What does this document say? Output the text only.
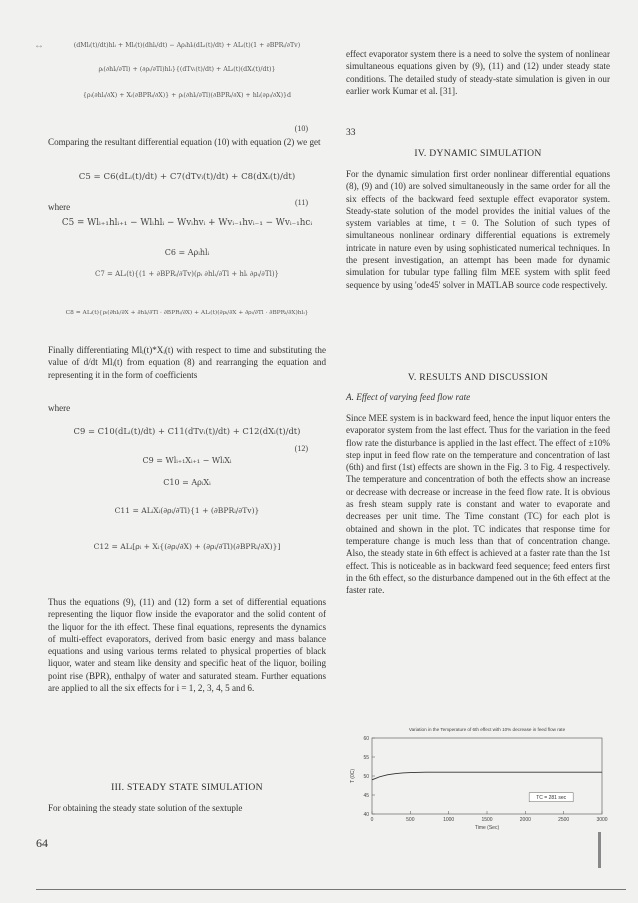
↔	(dMlᵢ(t)/dt)hlᵢ + Mlᵢ(t)(dhlᵢ/dt) − Aρᵢhlᵢ(dLᵢ(t)/dt) + ALᵢ(t)(1 + ∂BPRᵢ/∂Tv)
ρᵢ(∂hlᵢ/∂Tl) + (∂ρᵢ/∂Tl)hlᵢ}{(dTvᵢ(t)/dt) + ALᵢ(t)(dXᵢ(t)/dt)}
{ρᵢ(∂hlᵢ/∂X) + Xᵢ(∂BPRᵢ/∂X)} + ρᵢ(∂hlᵢ/∂Tl)(∂BPRᵢ/∂X) + hlᵢ(∂ρᵢ/∂X)}d
(10)

Comparing the resultant differential equation (10) with equation (2) we get

C5 = C6(dLᵢ(t)/dt) + C7(dTvᵢ(t)/dt) + C8(dXᵢ(t)/dt)
where	(11)
C5 = Wlᵢ₊₁hlᵢ₊₁ − Wlᵢhlᵢ − Wvᵢhvᵢ + Wvᵢ₋₁hvᵢ₋₁ − Wvᵢ₋₁hcᵢ
C6 = Aρᵢhlᵢ
C7 = ALᵢ(t){(1 + ∂BPRᵢ/∂Tv)(ρᵢ ∂hlᵢ/∂Tl + hlᵢ ∂ρᵢ/∂Tl)}
C8 = ALᵢ(t){ρᵢ(∂hlᵢ/∂X + ∂hlᵢ/∂Tl · ∂BPRᵢ/∂X) + ALᵢ(t)(∂ρᵢ/∂X + ∂ρᵢ/∂Tl · ∂BPRᵢ/∂X)hlᵢ}

Finally differentiating Mlᵢ(t)*Xᵢ(t) with respect to time and substituting the value of d/dt Mlᵢ(t) from equation (8) and rearranging the equation and representing it in the form of coefficients

where
C9 = C10(dLᵢ(t)/dt) + C11(dTvᵢ(t)/dt) + C12(dXᵢ(t)/dt)
(12)
C9 = Wlᵢ₊₁Xᵢ₊₁ − WlᵢXᵢ
C10 = AρᵢXᵢ
C11 = ALᵢXᵢ(∂ρᵢ/∂Tl){1 + (∂BPRᵢ/∂Tv)}
C12 = ALᵢ[ρᵢ + Xᵢ{(∂ρᵢ/∂X) + (∂ρᵢ/∂Tl)(∂BPRᵢ/∂X)}]

Thus the equations (9), (11) and (12) form a set of differential equations representing the liquor flow inside the evaporator and the solid content of the liquor for the ith effect. These final equations, represents the dynamics of multi-effect evaporators, derived from basic energy and mass balance equations and using various terms related to physical properties of black liquor, water and steam like density and specific heat of the liquor, boiling point rise (BPR), enthalpy of water and saturated steam. Further equations are applied to all the six effects for i = 1, 2, 3, 4, 5 and 6.

III. STEADY STATE SIMULATION

For obtaining the steady state solution of the sextuple

effect evaporator system there is a need to solve the system of nonlinear simultaneous equations given by (9), (11) and (12) under steady state conditions. The detailed study of steady-state simulation is given in our earlier work Kumar et al. [31].

33
IV. DYNAMIC SIMULATION

For the dynamic simulation first order nonlinear differential equations (8), (9) and (10) are solved simultaneously in the same order for all the six effects of the backward feed sextuple effect evaporator system. Steady-state solution of the model provides the initial values of the system variables at time, t = 0. The Solution of such types of simultaneous nonlinear ordinary differential equations is extremely intricate in nature even by using sophisticated numerical techniques. In the present investigation, an attempt has been made for dynamic simulation for tubular type falling film MEE system with split feed sequence by using 'ode45' solver in MATLAB source code respectively.

V. RESULTS AND DISCUSSION
A. Effect of varying feed flow rate

Since MEE system is in backward feed, hence the input liquor enters the evaporator system from the last effect. Thus for the variation in the feed flow rate the disturbance is applied in the last effect. The effect of ±10% step input in feed flow rate on the temperature and concentration of last (6th) and first (1st) effects are shown in the Fig. 3 to Fig. 4 respectively. The temperature and concentration of both the effects show an increase or decrease with decrease or increase in the feed flow rate. It is obvious as fresh steam supply rate is constant and water to evaporate and decreases per unit time. The Time constant (TC) for each plot is obtained and shown in the plot. TC indicates that response time for temperature change is much less than that of concentration change. Also, the steady state in 6th effect is achieved at a faster rate than the 1st effect. This is noticeable as in backward feed sequence; feed enters first in the 6th effect, so the disturbance dampened out in the 6th effect at the faster rate.

Variation in the Temperature of 6th effect with 10% decrease in feed flow rate
40
45
50
55
60
0	500	1000	1500	2000	2500	3000
Time (Sec)
T (0C)
TC = 281 sec
64
